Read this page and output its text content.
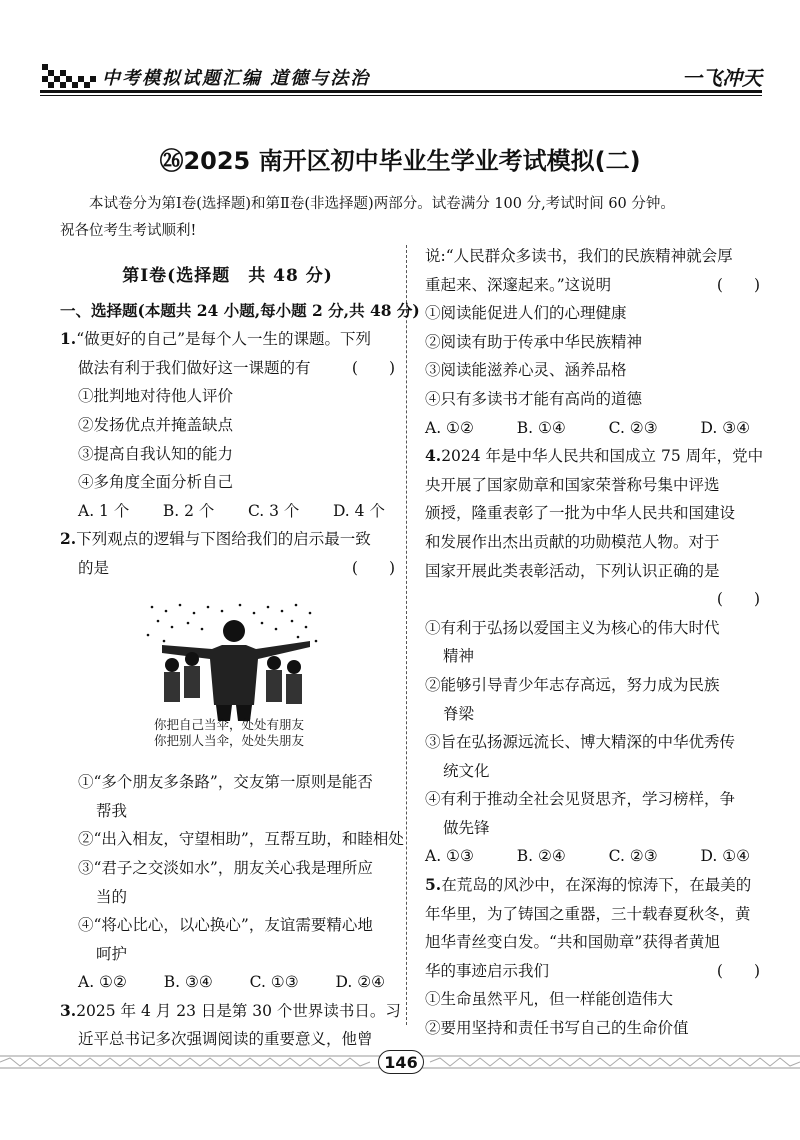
中考模拟试题汇编 道德与法治	一飞冲天
㉖2025 南开区初中毕业生学业考试模拟(二)

本试卷分为第Ⅰ卷(选择题)和第Ⅱ卷(非选择题)两部分。试卷满分 100 分,考试时间 60 分钟。

祝各位考生考试顺利!

第Ⅰ卷(选择题　共 48 分)
一、选择题(本题共 24 小题,每小题 2 分,共 48 分)
1. “做更好的自己”是每个人一生的课题。下列
做法有利于我们做好这一课题的有	(　　)
①批判地对待他人评价
②发扬优点并掩盖缺点
③提高自我认知的能力
④多角度全面分析自己
A. 1 个 B. 2 个 C. 3 个 D. 4 个
2. 下列观点的逻辑与下图给我们的启示最一致
的是	(　　)
①“多个朋友多条路”，交友第一原则是能否
帮我
②“出入相友，守望相助”，互帮互助，和睦相处
③“君子之交淡如水”，朋友关心我是理所应
当的
④“将心比心，以心换心”，友谊需要精心地
呵护
A. ①② B. ③④ C. ①③ D. ②④
3. 2025 年 4 月 23 日是第 30 个世界读书日。习
近平总书记多次强调阅读的重要意义，他曾
你把自己当伞，处处有朋友
你把别人当伞，处处失朋友
说:“人民群众多读书，我们的民族精神就会厚
重起来、深邃起来。”这说明	(　　)
①阅读能促进人们的心理健康
②阅读有助于传承中华民族精神
③阅读能滋养心灵、涵养品格
④只有多读书才能有高尚的道德
A. ①②	B. ①④	C. ②③	D. ③④
4. 2024 年是中华人民共和国成立 75 周年，党中
央开展了国家勋章和国家荣誉称号集中评选
颁授，隆重表彰了一批为中华人民共和国建设
和发展作出杰出贡献的功勋模范人物。对于
国家开展此类表彰活动，下列认识正确的是
(　　)
①有利于弘扬以爱国主义为核心的伟大时代
精神
②能够引导青少年志存高远，努力成为民族
脊梁
③旨在弘扬源远流长、博大精深的中华优秀传
统文化
④有利于推动全社会见贤思齐，学习榜样，争
做先锋
A. ①③	B. ②④	C. ②③	D. ①④
5. 在荒岛的风沙中，在深海的惊涛下，在最美的
年华里，为了铸国之重器，三十载春夏秋冬，黄
旭华青丝变白发。“共和国勋章”获得者黄旭
华的事迹启示我们	(　　)
①生命虽然平凡，但一样能创造伟大
②要用坚持和责任书写自己的生命价值
146
